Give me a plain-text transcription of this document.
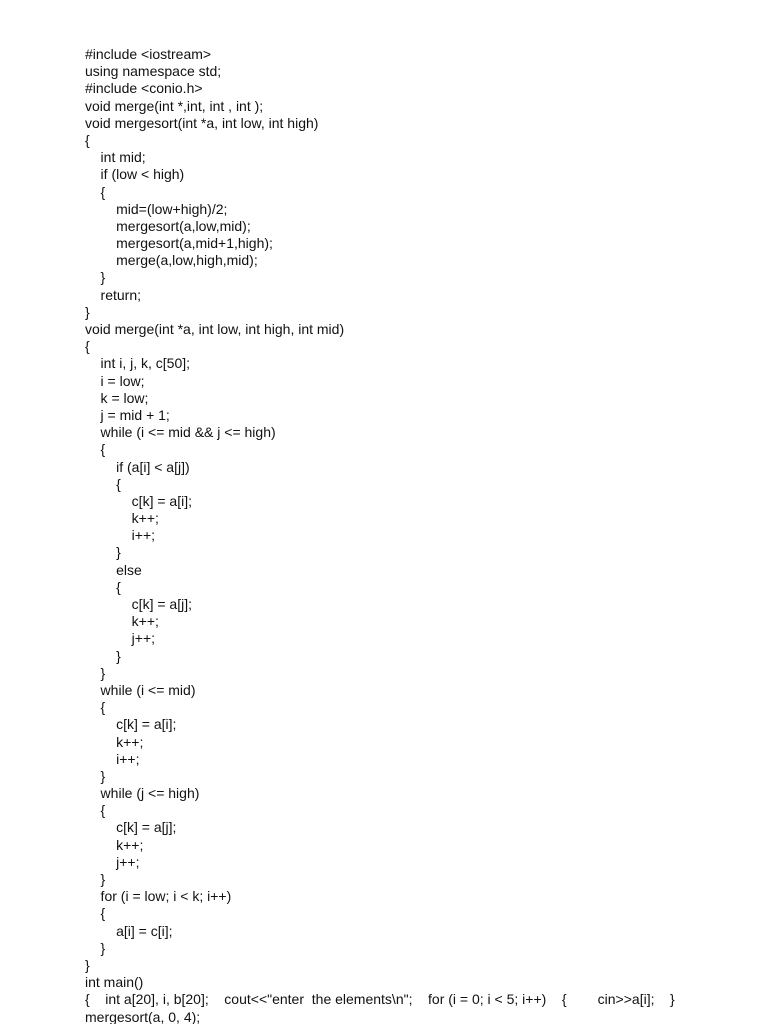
#include <iostream>
using namespace std;
#include <conio.h>
void merge(int *,int, int , int );
void mergesort(int *a, int low, int high)
{
int mid;
if (low < high)
{
mid=(low+high)/2;
mergesort(a,low,mid);
mergesort(a,mid+1,high);
merge(a,low,high,mid);
}
return;
}
void merge(int *a, int low, int high, int mid)
{
int i, j, k, c[50];
i = low;
k = low;
j = mid + 1;
while (i <= mid && j <= high)
{
if (a[i] < a[j])
{
c[k] = a[i];
k++;
i++;
}
else
{
c[k] = a[j];
k++;
j++;
}
}
while (i <= mid)
{
c[k] = a[i];
k++;
i++;
}
while (j <= high)
{
c[k] = a[j];
k++;
j++;
}
for (i = low; i < k; i++)
{
a[i] = c[i];
}
}
int main()
{    int a[20], i, b[20];    cout<<"enter  the elements\n";    for (i = 0; i < 5; i++)    {        cin>>a[i];    }
mergesort(a, 0, 4);
